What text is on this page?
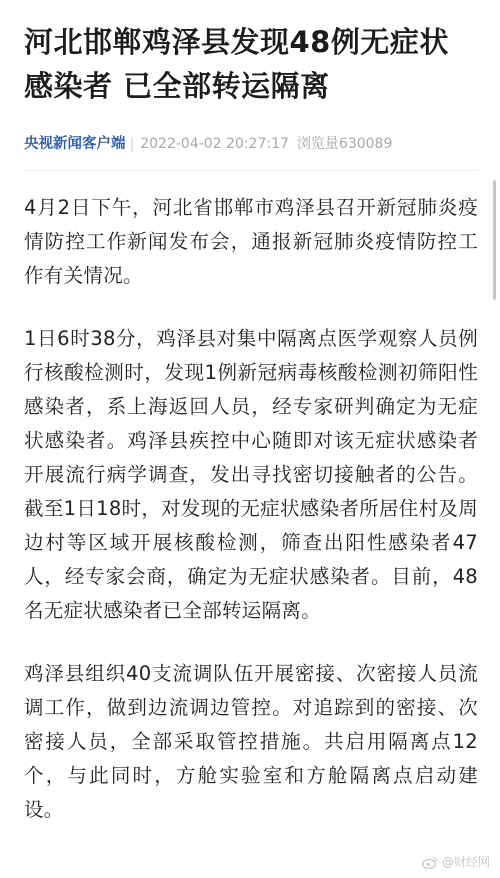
河北邯郸鸡泽县发现48例无症状感染者 已全部转运隔离
央视新闻客户端 | 2022-04-02 20:27:17 浏览量630089

4月2日下午，河北省邯郸市鸡泽县召开新冠肺炎疫情防控工作新闻发布会，通报新冠肺炎疫情防控工作有关情况。

1日6时38分，鸡泽县对集中隔离点医学观察人员例行核酸检测时，发现1例新冠病毒核酸检测初筛阳性感染者，系上海返回人员，经专家研判确定为无症状感染者。鸡泽县疾控中心随即对该无症状感染者开展流行病学调查，发出寻找密切接触者的公告。截至1日18时，对发现的无症状感染者所居住村及周边村等区域开展核酸检测，筛查出阳性感染者47人，经专家会商，确定为无症状感染者。目前，48名无症状感染者已全部转运隔离。

鸡泽县组织40支流调队伍开展密接、次密接人员流调工作，做到边流调边管控。对追踪到的密接、次密接人员，全部采取管控措施。共启用隔离点12个，与此同时，方舱实验室和方舱隔离点启动建设。

@财经网
